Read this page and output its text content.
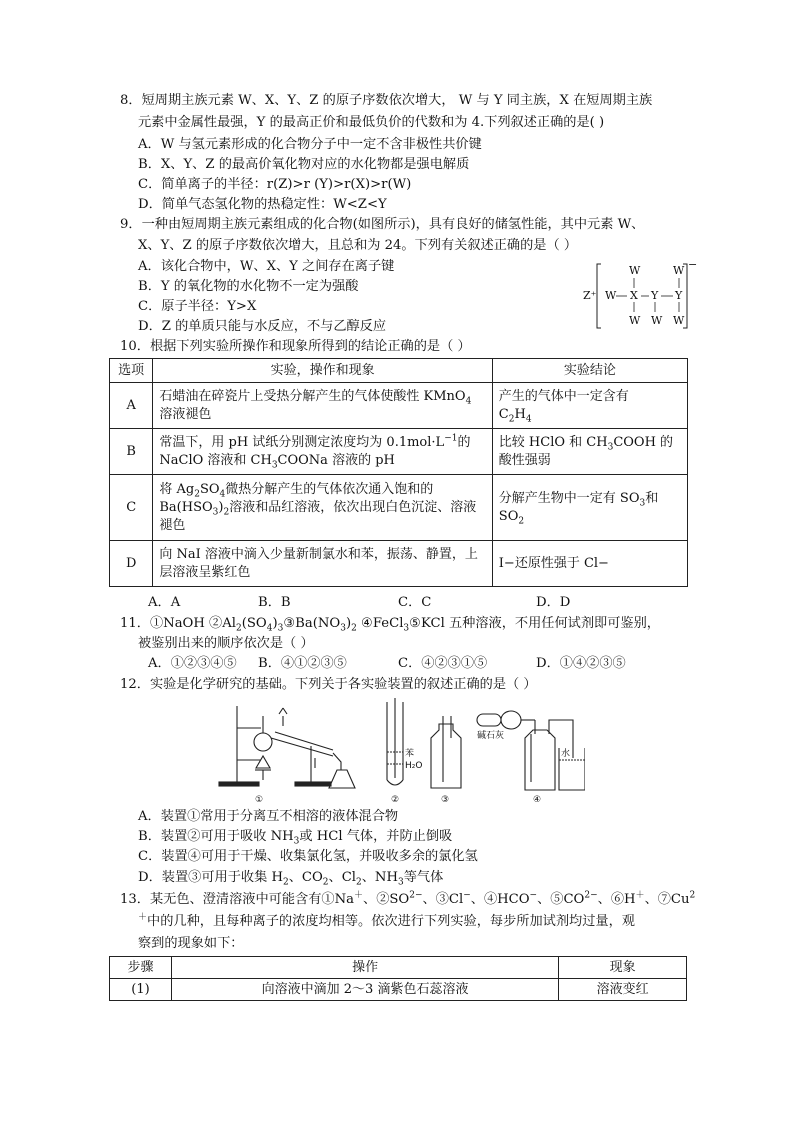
8．短周期主族元素 W、X、Y、Z 的原子序数依次增大， W 与 Y 同主族，X 在短周期主族
元素中金属性最强，Y 的最高正价和最低负价的代数和为 4.下列叙述正确的是( )
A．W 与氢元素形成的化合物分子中一定不含非极性共价键
B．X、Y、Z 的最高价氧化物对应的水化物都是强电解质
C．简单离子的半径：r(Z)>r (Y)>r(X)>r(W)
D．简单气态氢化物的热稳定性：W<Z<Y
9．一种由短周期主族元素组成的化合物(如图所示)，具有良好的储氢性能，其中元素 W、
X、Y、Z 的原子序数依次增大，且总和为 24。下列有关叙述正确的是（ ）
A．该化合物中，W、X、Y 之间存在离子键
B．Y 的氧化物的水化物不一定为强酸
C．原子半径：Y>X
D．Z 的单质只能与水反应，不与乙醇反应
Z⁺
W	W
W X Y Y
W W W
−
10．根据下列实验所操作和现象所得到的结论正确的是（ ）
选项	实验，操作和现象	实验结论
A	石蜡油在碎瓷片上受热分解产生的气体使酸性 KMnO$_4$
溶液褪色	产生的气体中一定含有
$C_2H_4$
B	常温下，用 pH 试纸分别测定浓度均为 $0.1mol\cdot L^{-1}$的
NaClO 溶液和 $CH_3COONa$ 溶液的 pH	比较 HClO 和 $CH_3COOH$ 的
酸性强弱
C	将 $Ag_2SO_4$微热分解产生的气体依次通入饱和的
$Ba(HSO_3)_2$溶液和品红溶液，依次出现白色沉淀、溶液
褪色	分解产生物中一定有 $SO_3$和
$SO_2$
D	向 NaI 溶液中滴入少量新制氯水和苯，振荡、静置，上
层溶液呈紫红色	I−还原性强于 Cl−
A．A	B．B	C．C	D．D
11．①NaOH $②Al_2(SO_4)_3③Ba(NO_3)_2$ ④FeCl$_3$⑤KCl 五种溶液，不用任何试剂即可鉴别，
被鉴别出来的顺序依次是（ ）
A．①②③④⑤ B．④①②③⑤	C．④②③①⑤	D．①④②③⑤
12．实验是化学研究的基础。下列关于各实验装置的叙述正确的是（ ）
①	②	③	④
苯
H₂O
碱石灰
水
A．装置①常用于分离互不相溶的液体混合物
B．装置②可用于吸收 $NH_3$或 HCl 气体，并防止倒吸
C．装置④可用于干燥、收集氯化氢，并吸收多余的氯化氢
D．装置③可用于收集 $H_2$、$CO_2$、$Cl_2$、$NH_3$等气体
13．某无色、澄清溶液中可能含有①Na＋、$②SO^{2-}$、③Cl−、④HCO−、$⑤CO^{2-}$、⑥H＋、⑦Cu$^2$
＋中的几种，且每种离子的浓度均相等。依次进行下列实验，每步所加试剂均过量，观
察到的现象如下：
步骤	操作	现象
(1)	向溶液中滴加 2～3 滴紫色石蕊溶液	溶液变红
